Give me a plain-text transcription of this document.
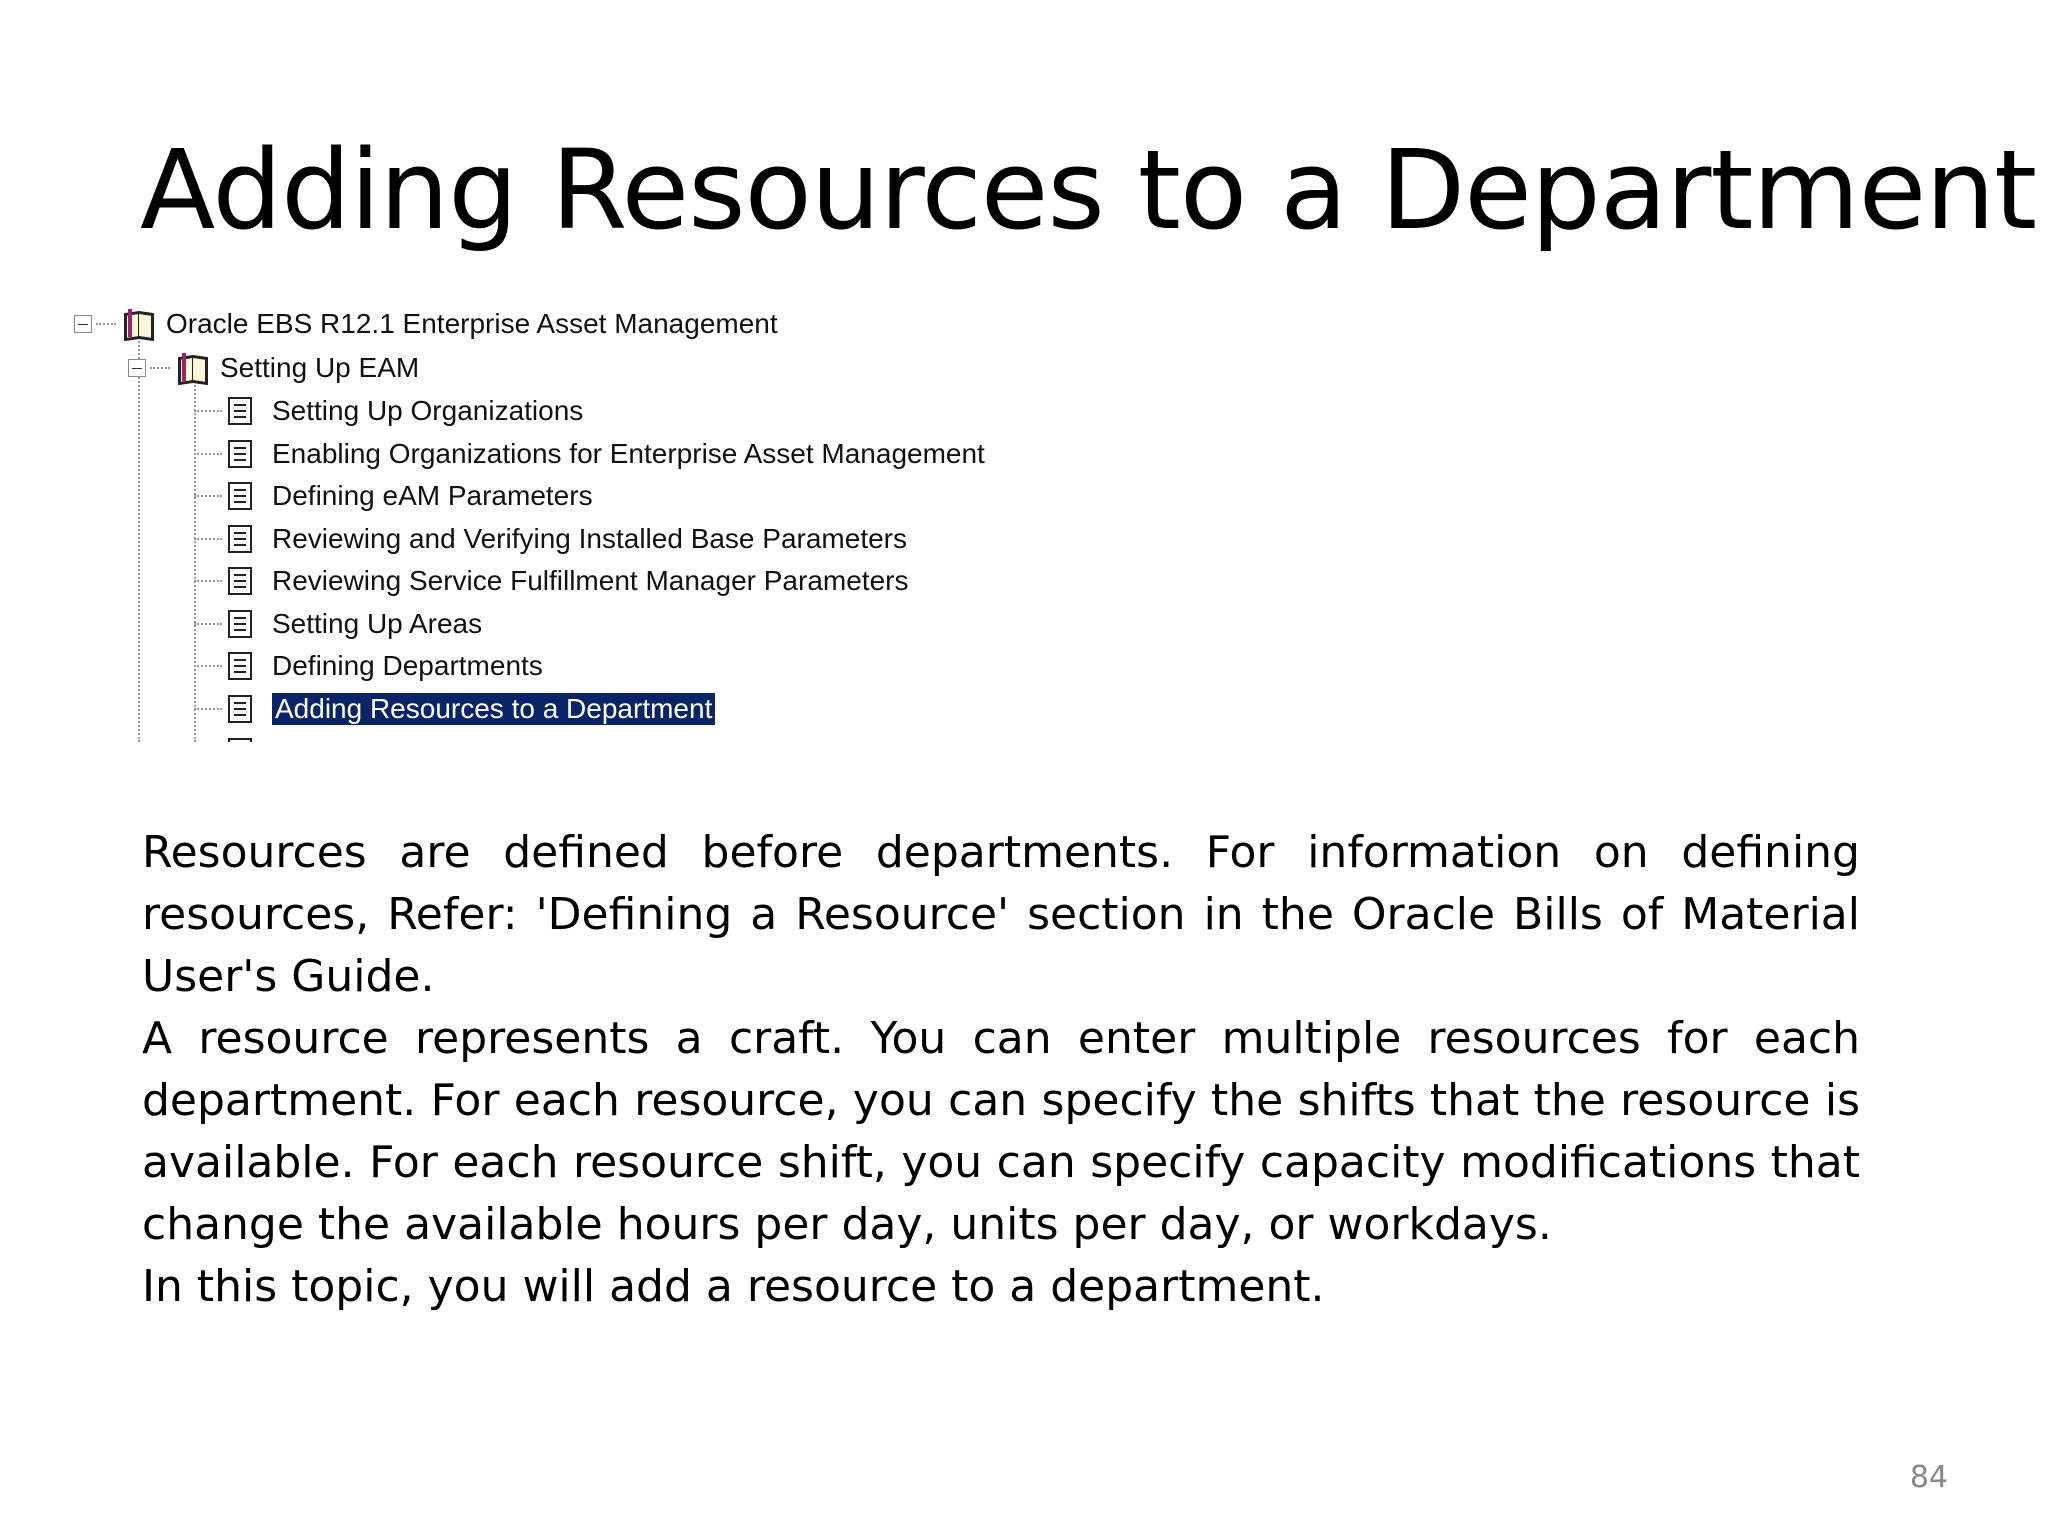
Adding Resources to a Department
Oracle EBS R12.1 Enterprise Asset Management
Setting Up EAM
Setting Up Organizations
Enabling Organizations for Enterprise Asset Management
Defining eAM Parameters
Reviewing and Verifying Installed Base Parameters
Reviewing Service Fulfillment Manager Parameters
Setting Up Areas
Defining Departments
Adding Resources to a Department

Resources are defined before departments. For information on defining resources, Refer: 'Defining a Resource' section in the Oracle Bills of Material User's Guide.

A resource represents a craft. You can enter multiple resources for each department. For each resource, you can specify the shifts that the resource is available. For each resource shift, you can specify capacity modifications that change the available hours per day, units per day, or workdays.

In this topic, you will add a resource to a department.

84
